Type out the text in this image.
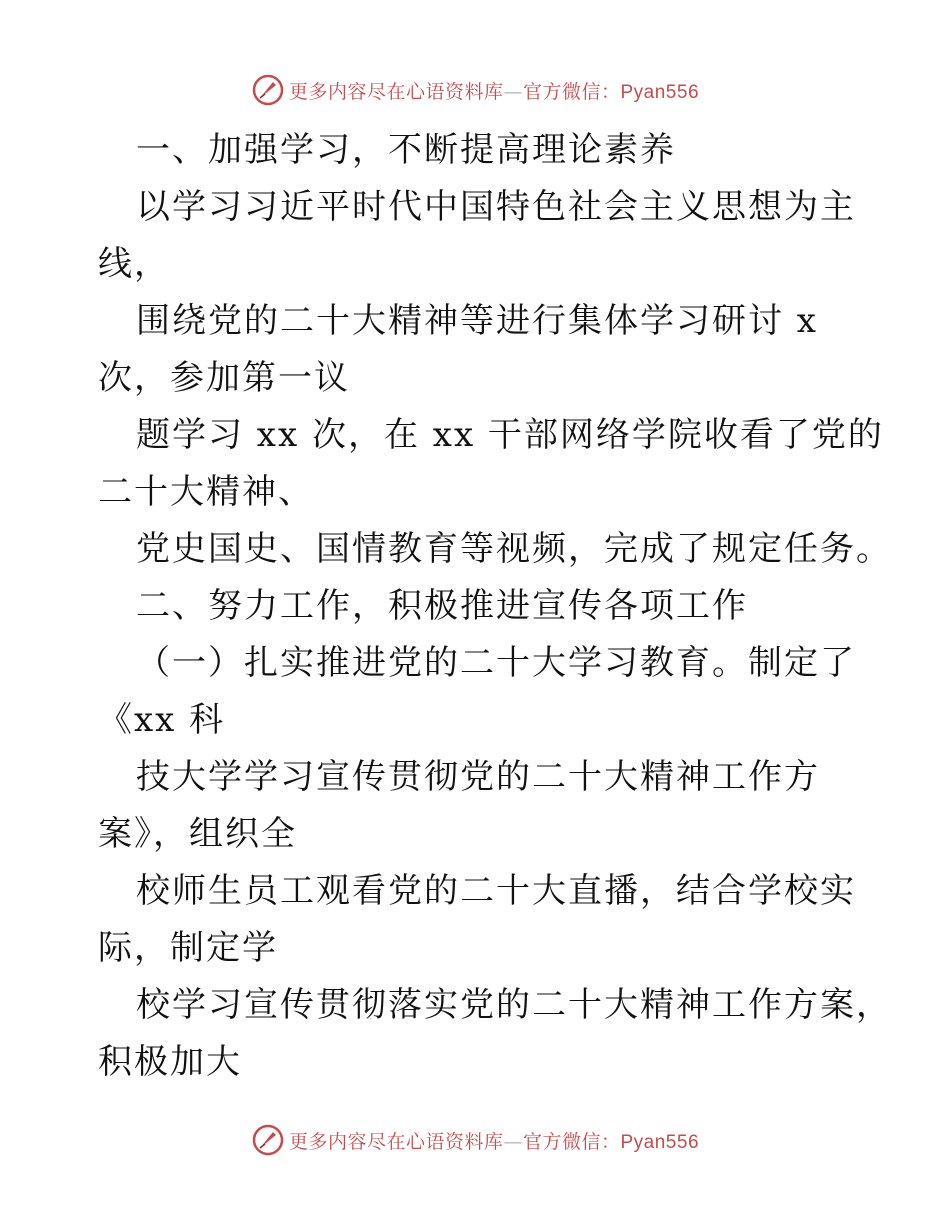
更多内容尽在心语资料库—官方微信：Pyan556
一、加强学习，不断提高理论素养
以学习习近平时代中国特色社会主义思想为主
线，
围绕党的二十大精神等进行集体学习研讨 x
次，参加第一议
题学习 xx 次，在 xx 干部网络学院收看了党的
二十大精神、
党史国史、国情教育等视频，完成了规定任务。
二、努力工作，积极推进宣传各项工作
（一）扎实推进党的二十大学习教育。制定了
《xx 科
技大学学习宣传贯彻党的二十大精神工作方
案》，组织全
校师生员工观看党的二十大直播，结合学校实
际，制定学
校学习宣传贯彻落实党的二十大精神工作方案，
积极加大
更多内容尽在心语资料库—官方微信：Pyan556
